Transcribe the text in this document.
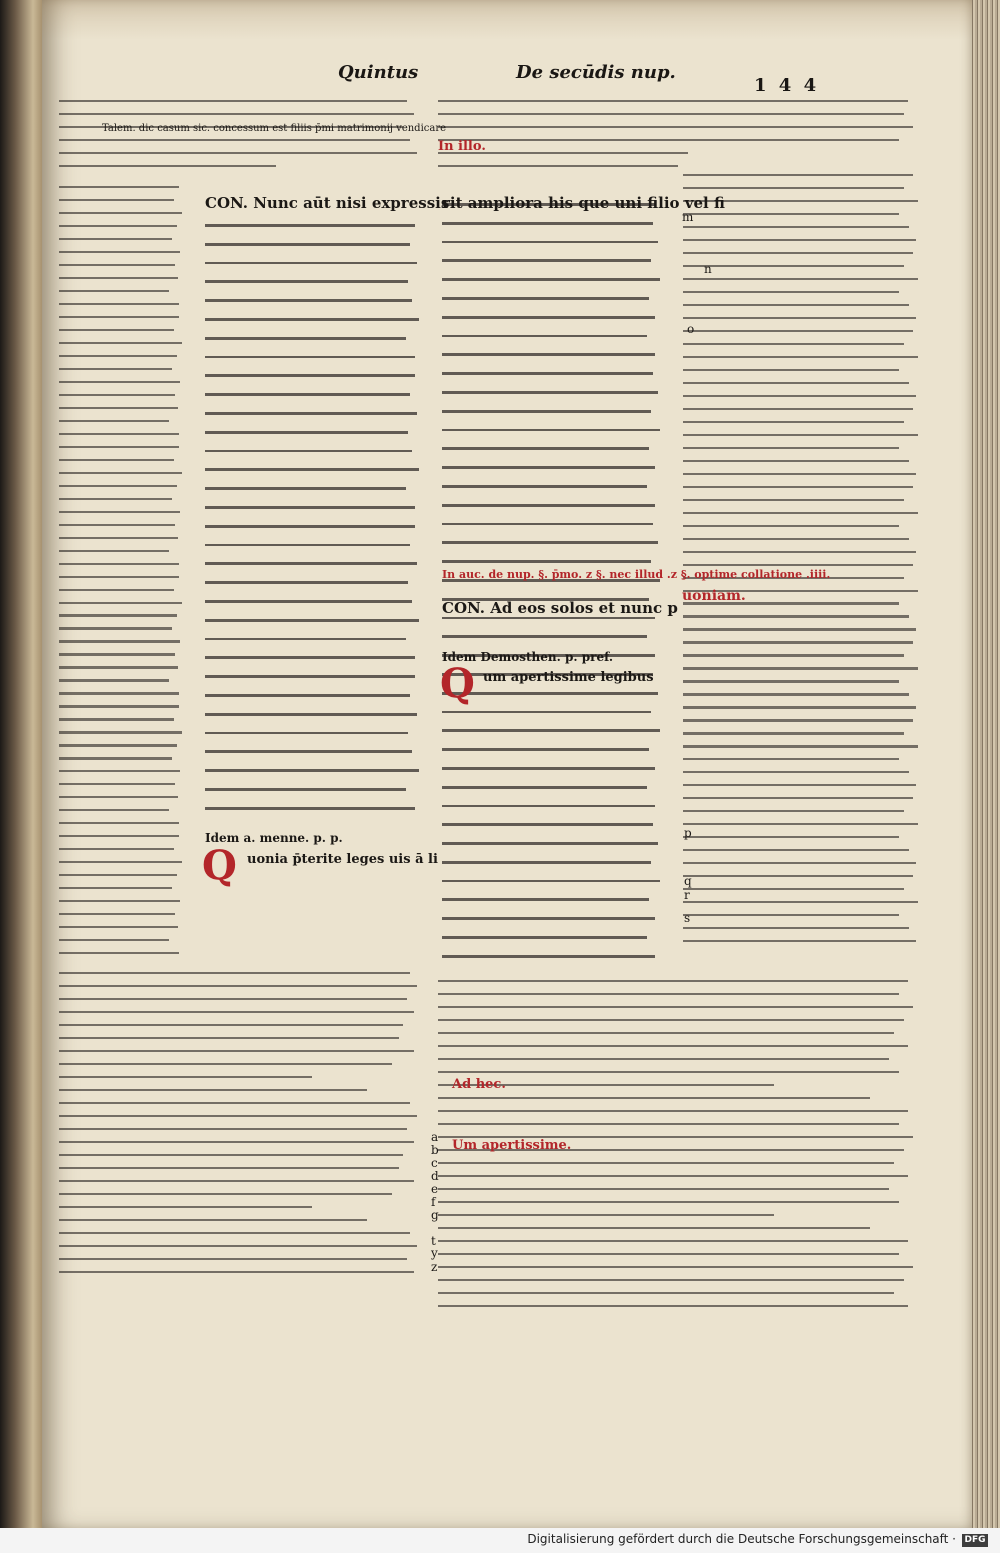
Quintus	De secūdis nup.
1 4 4
Talem. dic casum sic. concessum est filiis p̄mi matrimonij vendicare
CON. Nunc aūt nisi expressis
Idem a. menne. p. p.
Q uonia p̄terite leges uis ā li
In illo.
rit ampliora his que uni filio vel fi
In auc. de nup. §. p̄mo. z §. nec illud .z §. optime collatione .iiii.
CON. Ad eos solos et nunc p
Idem Demosthen. p. pref.
Q um apertissime legibus
uoniam.
Ad hec.
Um apertissime.
n
m
o
a
b
c
d
e
f
g
p
q
r
s
t
y
z
Digitalisierung gefördert durch die Deutsche Forschungsgemeinschaft · DFG
